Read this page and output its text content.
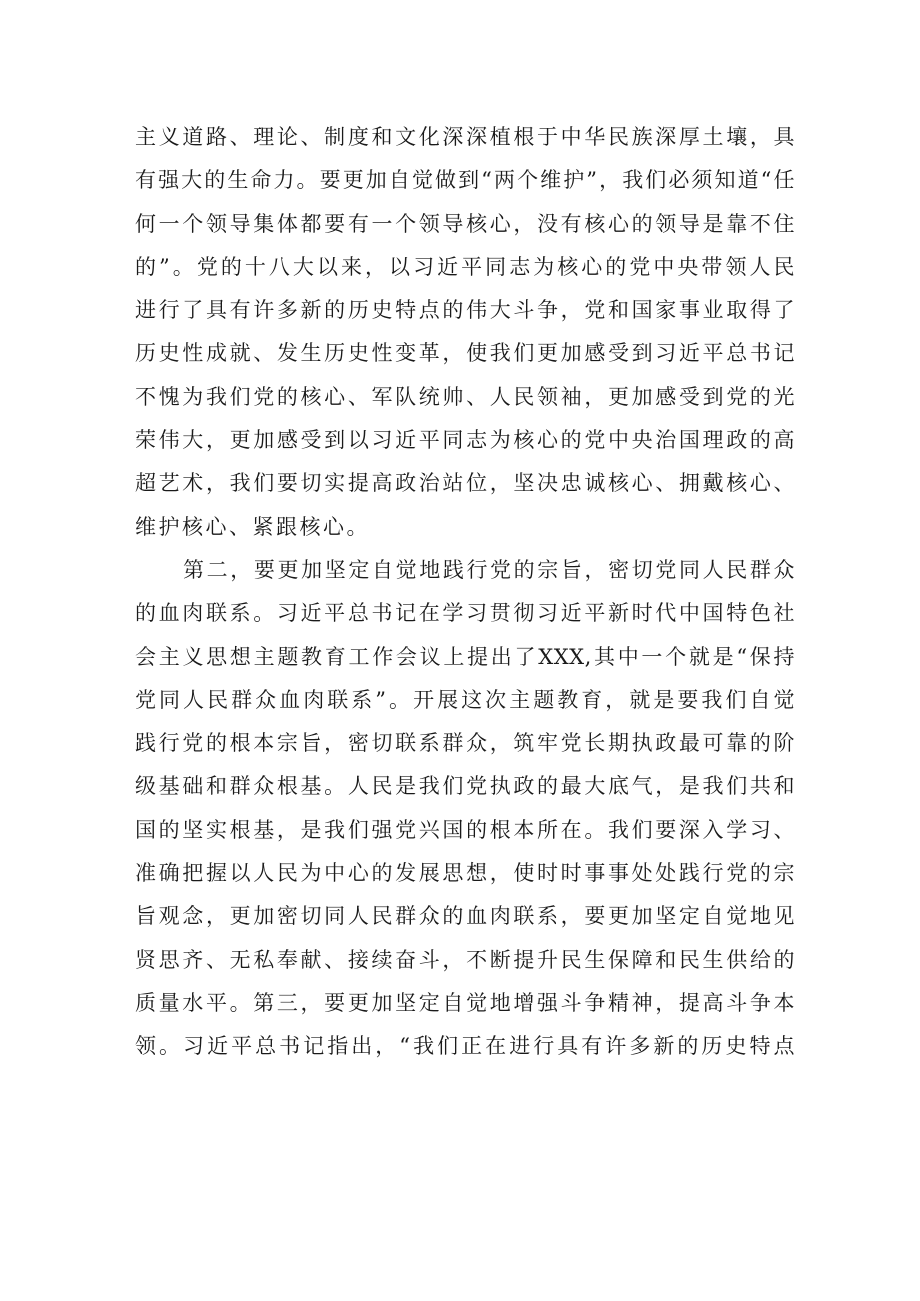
主义道路、理论、制度和文化深深植根于中华民族深厚土壤，具
有强大的生命力。要更加自觉做到“两个维护”，我们必须知道“任
何一个领导集体都要有一个领导核心，没有核心的领导是靠不住
的”。党的十八大以来，以习近平同志为核心的党中央带领人民
进行了具有许多新的历史特点的伟大斗争，党和国家事业取得了
历史性成就、发生历史性变革，使我们更加感受到习近平总书记
不愧为我们党的核心、军队统帅、人民领袖，更加感受到党的光
荣伟大，更加感受到以习近平同志为核心的党中央治国理政的高
超艺术，我们要切实提高政治站位，坚决忠诚核心、拥戴核心、
维护核心、紧跟核心。
第二，要更加坚定自觉地践行党的宗旨，密切党同人民群众
的血肉联系。习近平总书记在学习贯彻习近平新时代中国特色社
会主义思想主题教育工作会议上提出了XXX,其中一个就是“保持
党同人民群众血肉联系”。开展这次主题教育，就是要我们自觉
践行党的根本宗旨，密切联系群众，筑牢党长期执政最可靠的阶
级基础和群众根基。人民是我们党执政的最大底气，是我们共和
国的坚实根基，是我们强党兴国的根本所在。我们要深入学习、
准确把握以人民为中心的发展思想，使时时事事处处践行党的宗
旨观念，更加密切同人民群众的血肉联系，要更加坚定自觉地见
贤思齐、无私奉献、接续奋斗，不断提升民生保障和民生供给的
质量水平。第三，要更加坚定自觉地增强斗争精神，提高斗争本
领。习近平总书记指出，“我们正在进行具有许多新的历史特点
